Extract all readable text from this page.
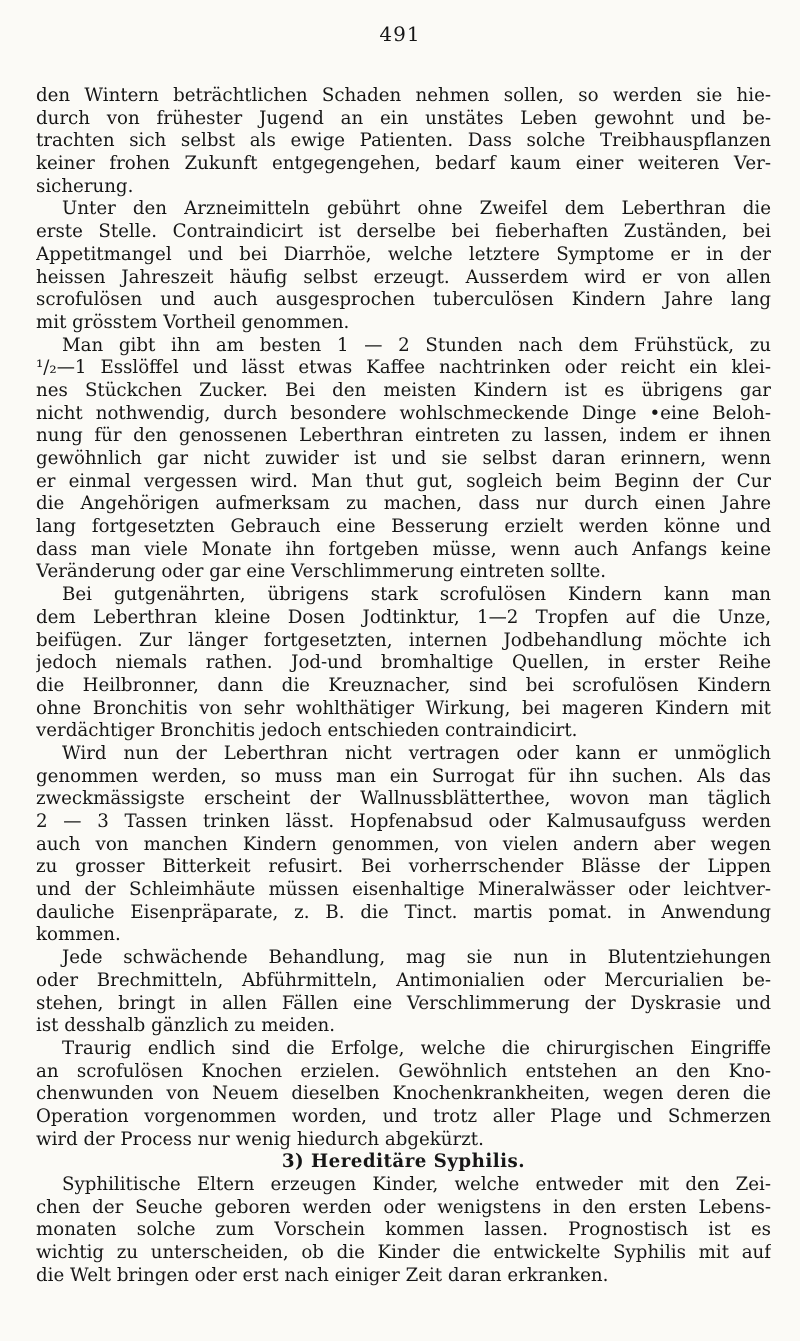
491
den Wintern beträchtlichen Schaden nehmen sollen, so werden sie hie-
durch von frühester Jugend an ein unstätes Leben gewohnt und be-
trachten sich selbst als ewige Patienten. Dass solche Treibhauspflanzen
keiner frohen Zukunft entgegengehen, bedarf kaum einer weiteren Ver-
sicherung.
Unter den Arzneimitteln gebührt ohne Zweifel dem Leberthran die
erste Stelle. Contraindicirt ist derselbe bei fieberhaften Zuständen, bei
Appetitmangel und bei Diarrhöe, welche letztere Symptome er in der
heissen Jahreszeit häufig selbst erzeugt. Ausserdem wird er von allen
scrofulösen und auch ausgesprochen tuberculösen Kindern Jahre lang
mit grösstem Vortheil genommen.
Man gibt ihn am besten 1 — 2 Stunden nach dem Frühstück, zu
¹/₂—1 Esslöffel und lässt etwas Kaffee nachtrinken oder reicht ein klei-
nes Stückchen Zucker. Bei den meisten Kindern ist es übrigens gar
nicht nothwendig, durch besondere wohlschmeckende Dinge •eine Beloh-
nung für den genossenen Leberthran eintreten zu lassen, indem er ihnen
gewöhnlich gar nicht zuwider ist und sie selbst daran erinnern, wenn
er einmal vergessen wird. Man thut gut, sogleich beim Beginn der Cur
die Angehörigen aufmerksam zu machen, dass nur durch einen Jahre
lang fortgesetzten Gebrauch eine Besserung erzielt werden könne und
dass man viele Monate ihn fortgeben müsse, wenn auch Anfangs keine
Veränderung oder gar eine Verschlimmerung eintreten sollte.
Bei gutgenährten, übrigens stark scrofulösen Kindern kann man
dem Leberthran kleine Dosen Jodtinktur, 1—2 Tropfen auf die Unze,
beifügen. Zur länger fortgesetzten, internen Jodbehandlung möchte ich
jedoch niemals rathen. Jod-und bromhaltige Quellen, in erster Reihe
die Heilbronner, dann die Kreuznacher, sind bei scrofulösen Kindern
ohne Bronchitis von sehr wohlthätiger Wirkung, bei mageren Kindern mit
verdächtiger Bronchitis jedoch entschieden contraindicirt.
Wird nun der Leberthran nicht vertragen oder kann er unmöglich
genommen werden, so muss man ein Surrogat für ihn suchen. Als das
zweckmässigste erscheint der Wallnussblätterthee, wovon man täglich
2 — 3 Tassen trinken lässt. Hopfenabsud oder Kalmusaufguss werden
auch von manchen Kindern genommen, von vielen andern aber wegen
zu grosser Bitterkeit refusirt. Bei vorherrschender Blässe der Lippen
und der Schleimhäute müssen eisenhaltige Mineralwässer oder leichtver-
dauliche Eisenpräparate, z. B. die Tinct. martis pomat. in Anwendung
kommen.
Jede schwächende Behandlung, mag sie nun in Blutentziehungen
oder Brechmitteln, Abführmitteln, Antimonialien oder Mercurialien be-
stehen, bringt in allen Fällen eine Verschlimmerung der Dyskrasie und
ist desshalb gänzlich zu meiden.
Traurig endlich sind die Erfolge, welche die chirurgischen Eingriffe
an scrofulösen Knochen erzielen. Gewöhnlich entstehen an den Kno-
chenwunden von Neuem dieselben Knochenkrankheiten, wegen deren die
Operation vorgenommen worden, und trotz aller Plage und Schmerzen
wird der Process nur wenig hiedurch abgekürzt.
3) Hereditäre Syphilis.
Syphilitische Eltern erzeugen Kinder, welche entweder mit den Zei-
chen der Seuche geboren werden oder wenigstens in den ersten Lebens-
monaten solche zum Vorschein kommen lassen. Prognostisch ist es
wichtig zu unterscheiden, ob die Kinder die entwickelte Syphilis mit auf
die Welt bringen oder erst nach einiger Zeit daran erkranken.
